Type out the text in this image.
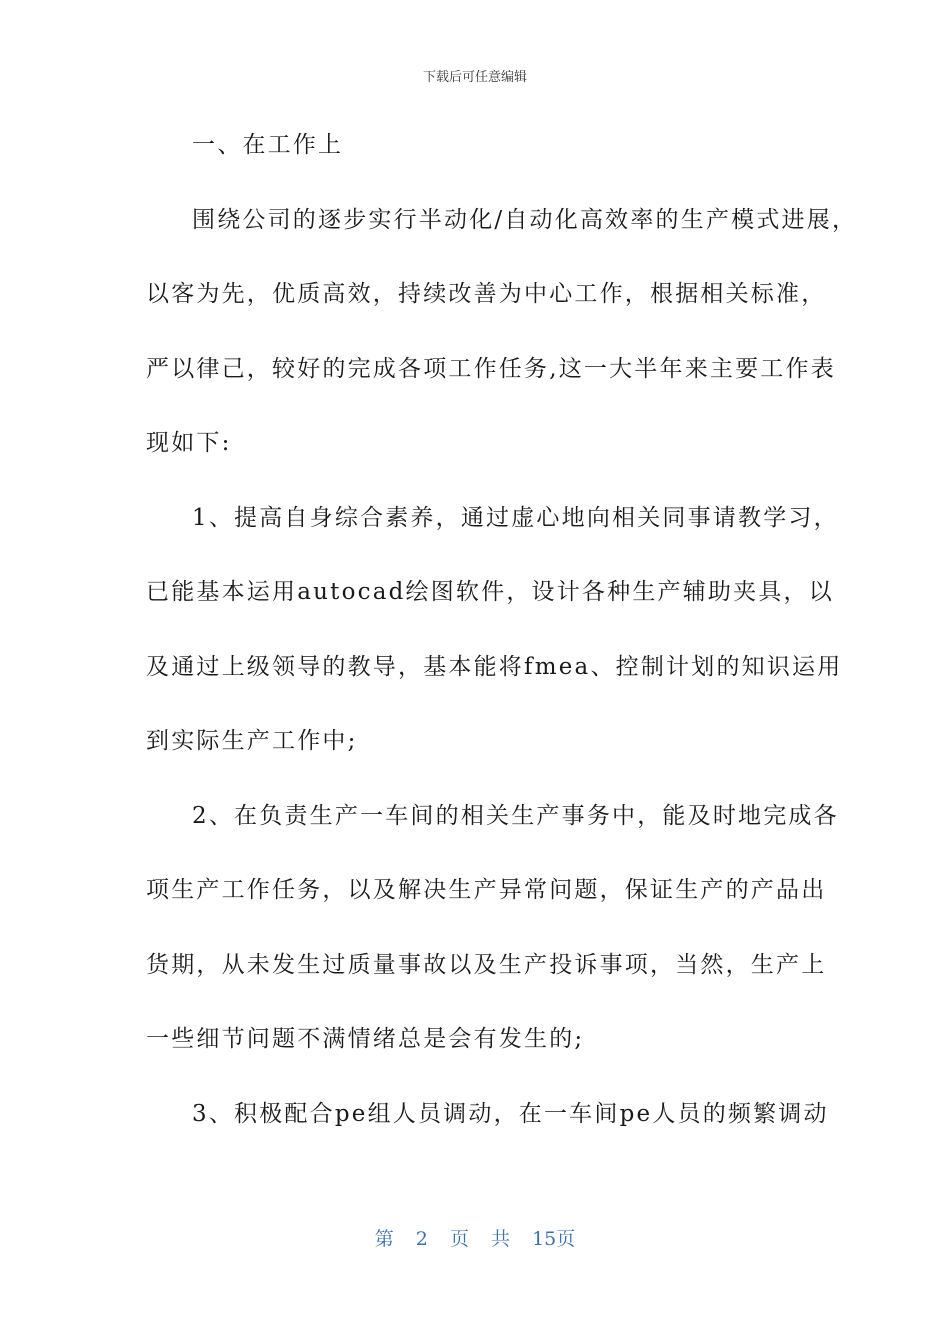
下载后可任意编辑
一、在工作上
围绕公司的逐步实行半动化/自动化高效率的生产模式进展，
以客为先，优质高效，持续改善为中心工作，根据相关标准，
严以律己，较好的完成各项工作任务,这一大半年来主要工作表
现如下:
1、提高自身综合素养，通过虚心地向相关同事请教学习，
已能基本运用autocad绘图软件，设计各种生产辅助夹具，以
及通过上级领导的教导，基本能将fmea、控制计划的知识运用
到实际生产工作中;
2、在负责生产一车间的相关生产事务中，能及时地完成各
项生产工作任务，以及解决生产异常问题，保证生产的产品出
货期，从未发生过质量事故以及生产投诉事项，当然，生产上
一些细节问题不满情绪总是会有发生的;
3、积极配合pe组人员调动，在一车间pe人员的频繁调动
第 2 页 共 15页
